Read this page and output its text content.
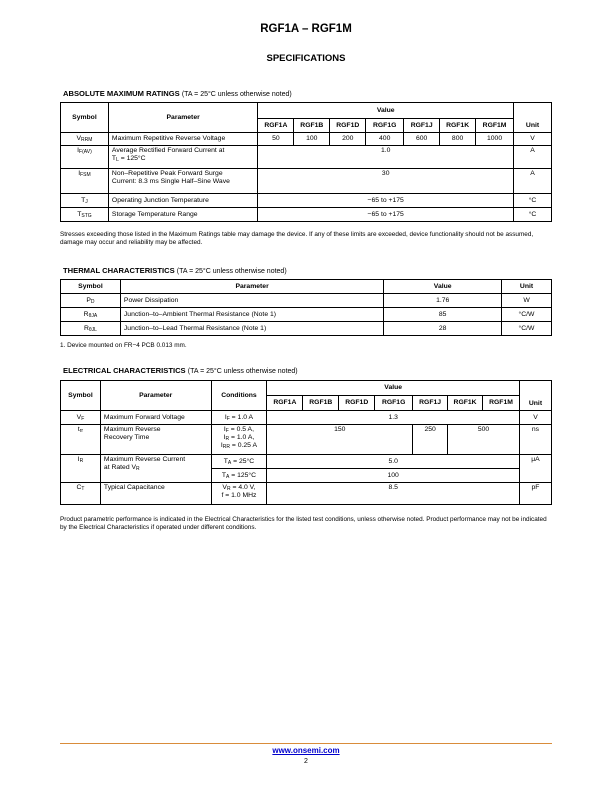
RGF1A – RGF1M
SPECIFICATIONS
ABSOLUTE MAXIMUM RATINGS (TA = 25°C unless otherwise noted)
Symbol	Parameter	Value							Unit
		RGF1A	RGF1B	RGF1D	RGF1G	RGF1J	RGF1K	RGF1M	
$V_{RRM}$	Maximum Repetitive Reverse Voltage	50	100	200	400	600	800	1000	V
$I_{F(AV)}$	Average Rectified Forward Current at
$T_L = 125^\circ C$	1.0							A
$I_{FSM}$	Non–Repetitive Peak Forward Surge
Current: 8.3 ms Single Half–Sine Wave	30							A
$T_J$	Operating Junction Temperature	−65 to +175							°C
$T_{STG}$	Storage Temperature Range	−65 to +175							°C
Stresses exceeding those listed in the Maximum Ratings table may damage the device. If any of these limits are exceeded, device functionality should not be assumed, damage may occur and reliability may be affected.
THERMAL CHARACTERISTICS (TA = 25°C unless otherwise noted)
Symbol	Parameter	Value	Unit
$P_D$	Power Dissipation	1.76	W
$R_{\theta JA}$	Junction–to–Ambient Thermal Resistance (Note 1)	85	°C/W
$R_{\theta JL}$	Junction–to–Lead Thermal Resistance (Note 1)	28	°C/W
1. Device mounted on FR−4 PCB 0.013 mm.
ELECTRICAL CHARACTERISTICS (TA = 25°C unless otherwise noted)
Symbol	Parameter	Conditions	Value							Unit
			RGF1A	RGF1B	RGF1D	RGF1G	RGF1J	RGF1K	RGF1M	
$V_F$	Maximum Forward Voltage	$I_F = 1.0$ A	1.3							V
$t_{rr}$	Maximum Reverse
Recovery Time	$I_F = 0.5$ A,
$I_R = 1.0$ A,
$I_{RR} = 0.25$ A	150				250	500		ns
$I_R$	Maximum Reverse Current
at Rated $V_R$	$T_A = 25^\circ C$	5.0							μA
		$T_A = 125^\circ C$	100							
$C_T$	Typical Capacitance	$V_R = 4.0$ V,
f = 1.0 MHz	8.5							pF
Product parametric performance is indicated in the Electrical Characteristics for the listed test conditions, unless otherwise noted. Product performance may not be indicated by the Electrical Characteristics if operated under different conditions.
www.onsemi.com
2
